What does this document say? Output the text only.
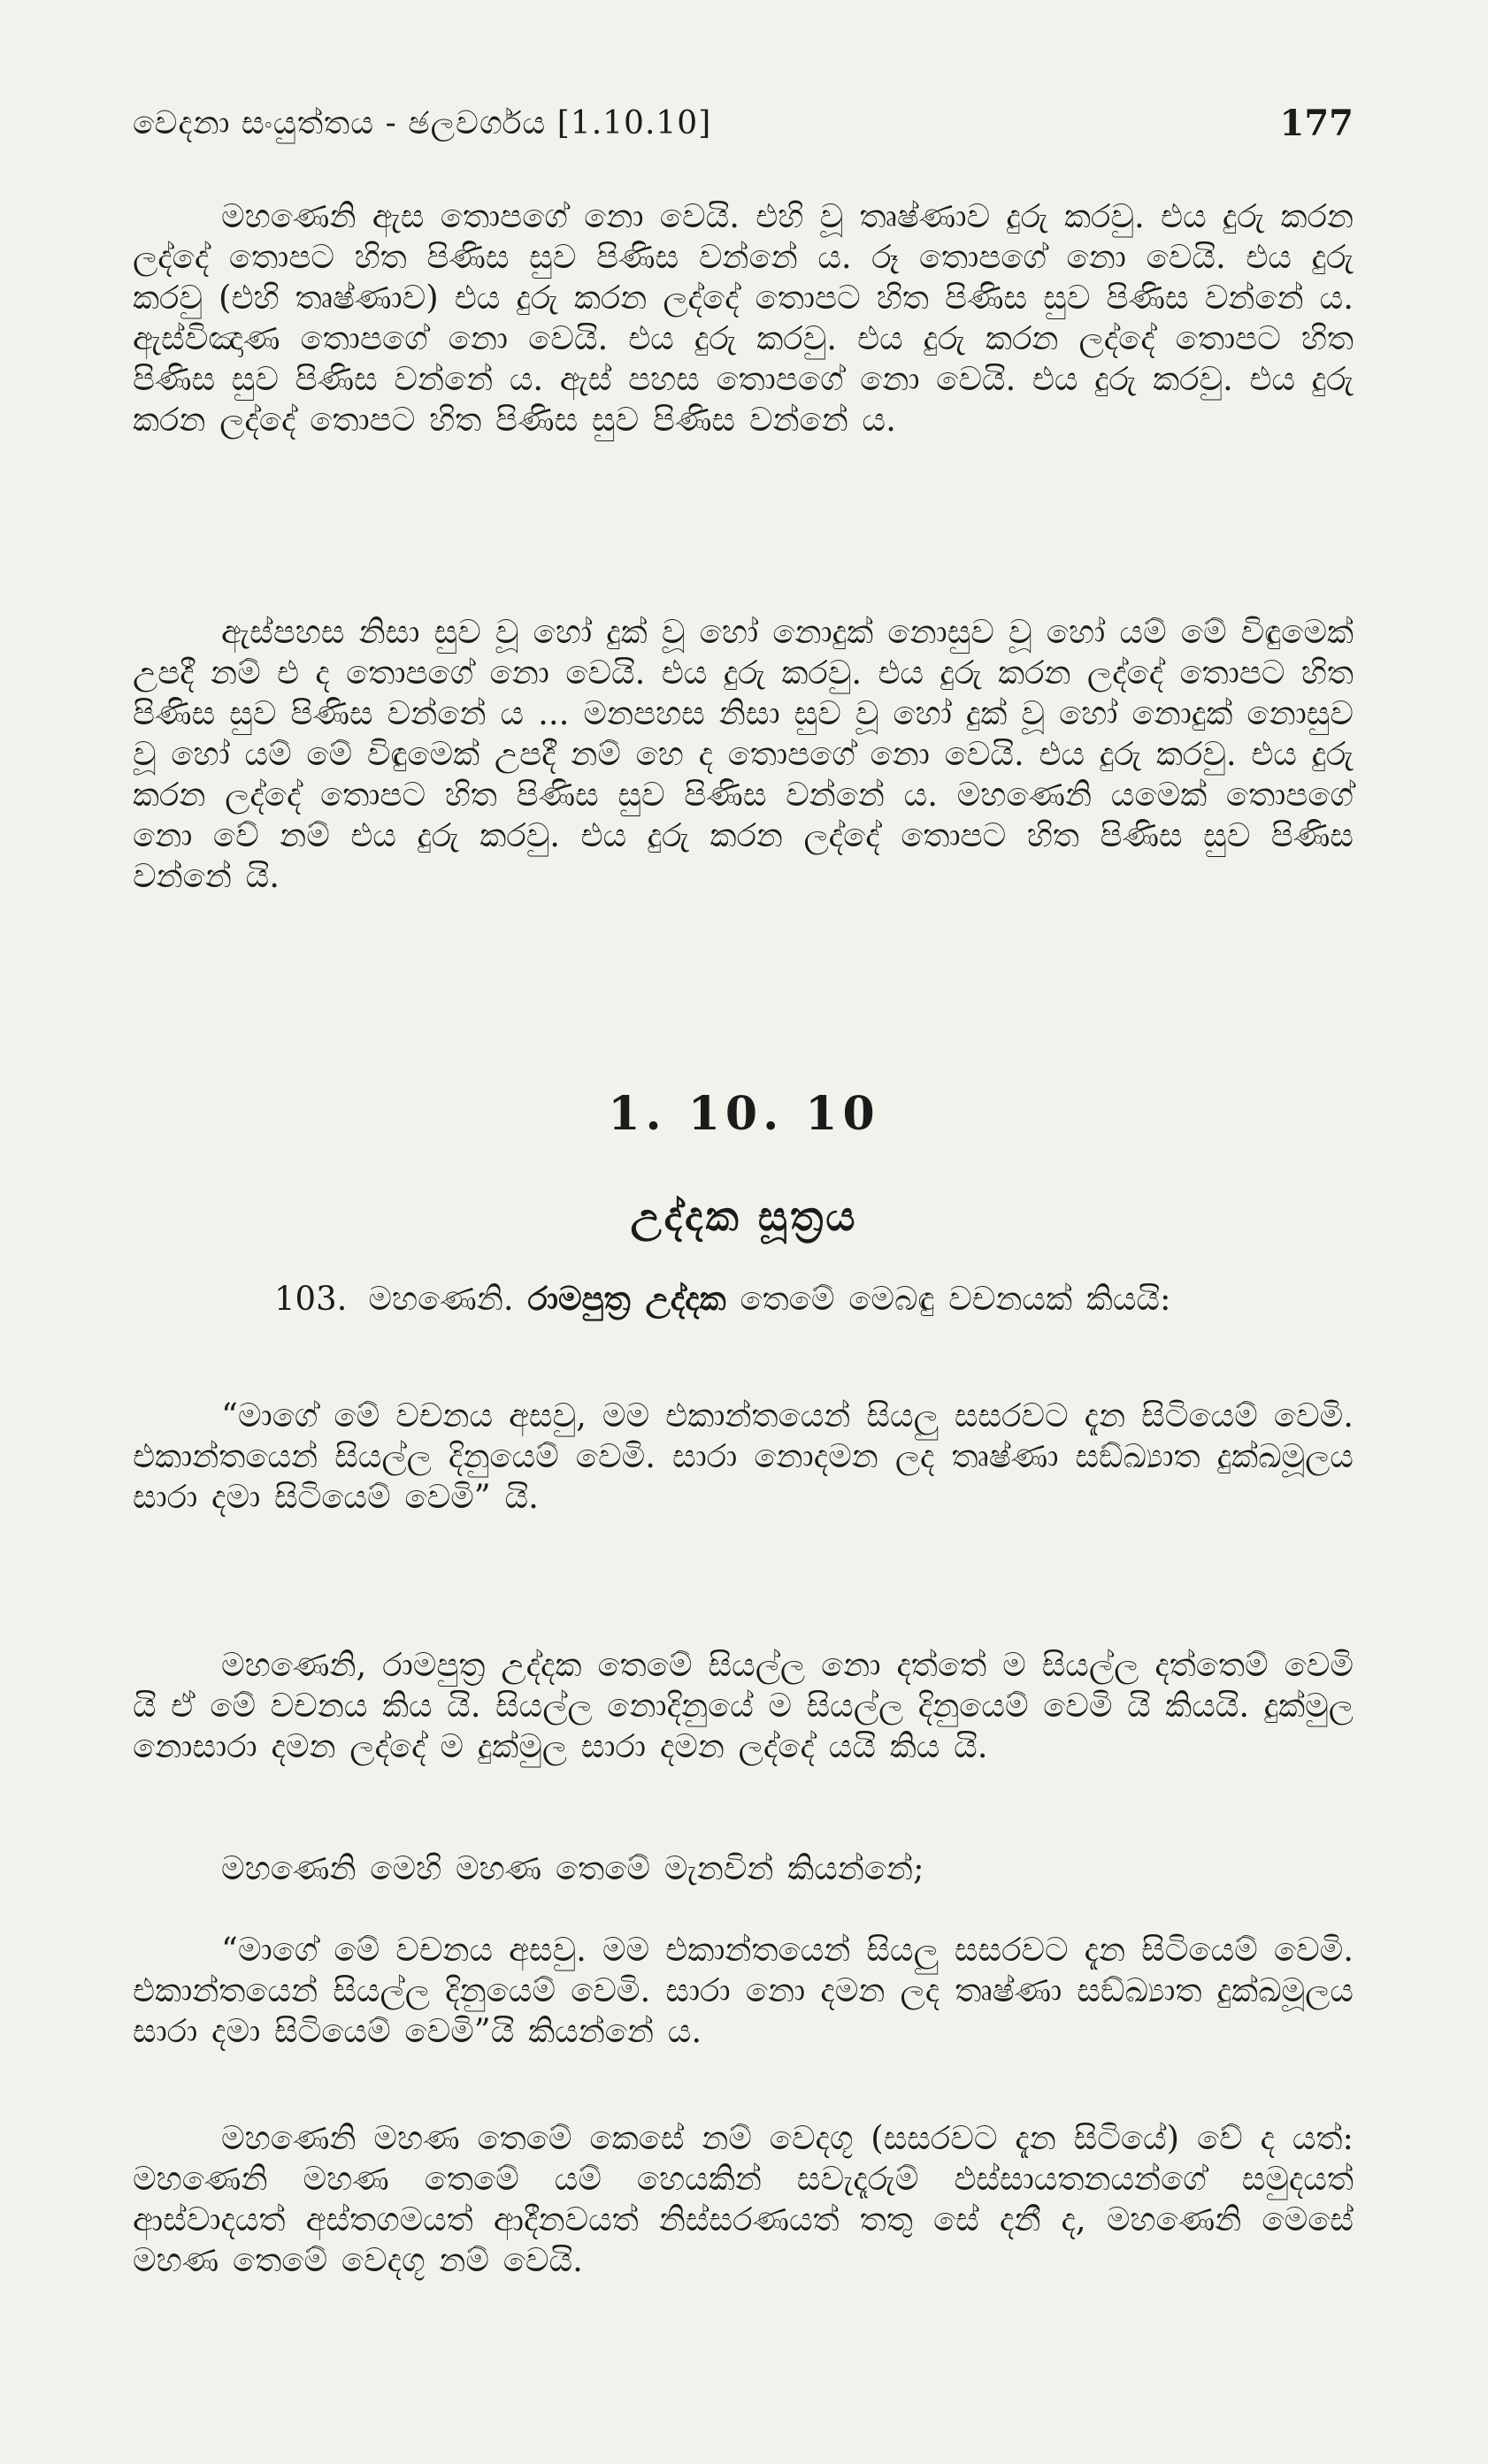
වෙදනා සංයුත්තය - ඡලවර්ගය [1.10.10]	177

මහණෙනි ඇස තොපගේ නො වෙයි. එහි වූ තෘෂ්ණාව දුරු කරවු. එය දුරු කරන ලද්දේ තොපට හිත පිණිස සුව පිණිස වන්නේ ය. රූ තොපගේ නො වෙයි. එය දුරු කරවු (එහි තෘෂ්ණාව) එය දුරු කරන ලද්දේ තොපට හිත පිණිස සුව පිණිස වන්නේ ය. ඇස්විඤාණ තොපගේ නො වෙයි. එය දුරු කරවු. එය දුරු කරන ලද්දේ තොපට හිත පිණිස සුව පිණිස වන්නේ ය. ඇස් පහස තොපගේ නො වෙයි. එය දුරු කරවු. එය දුරු කරන ලද්දේ තොපට හිත පිණිස සුව පිණිස වන්නේ ය.

ඇස්පහස නිසා සුව වූ හෝ දුක් වූ හෝ නොදුක් නොසුව වූ හෝ යම් මේ විඳුමෙක් උපදී නම් එ ද තොපගේ නො වෙයි. එය දුරු කරවු. එය දුරු කරන ලද්දේ තොපට හිත පිණිස සුව පිණිස වන්නේ ය ... මනපහස නිසා සුව වූ හෝ දුක් වූ හෝ නොදුක් නොසුව වූ හෝ යම් මේ විඳුමෙක් උපදී නම් හෙ ද තොපගේ නො වෙයි. එය දුරු කරවු. එය දුරු කරන ලද්දේ තොපට හිත පිණිස සුව පිණිස වන්නේ ය. මහණෙනි යමෙක් තොපගේ නො වේ නම් එය දුරු කරවු. එය දුරු කරන ලද්දේ තොපට හිත පිණිස සුව පිණිස වන්නේ යි.

1. 10. 10
උද්දක සූත්‍රය

103. මහණෙනි. රාමපුත්‍ර උද්දක තෙමේ මෙබඳු වචනයක් කියයි:

“මාගේ මේ වචනය අසවු, මම එකාන්තයෙන් සියලු සසරවට දැන සිටියෙම් වෙමි. එකාන්තයෙන් සියල්ල දිනුයෙම් වෙමි. සාරා නොදමන ලද තෘෂ්ණා සඞ්ඛ්‍යාත දුක්ඛමූලය සාරා දමා සිටියෙම් වෙමි” යි.

මහණෙනි, රාමපුත්‍ර උද්දක තෙමේ සියල්ල නො දත්තේ ම සියල්ල දත්තෙම් වෙමි යි ඒ මේ වචනය කිය යි. සියල්ල නොදිනුයේ ම සියල්ල දිනුයෙම් වෙමි යි කියයි. දුක්මුල නොසාරා දමන ලද්දේ ම දුක්මුල සාරා දමන ලද්දේ යයි කිය යි.

මහණෙනි මෙහි මහණ තෙමේ මැනවින් කියන්නේ;

“මාගේ මේ වචනය අසවු. මම එකාන්තයෙන් සියලු සසරවට දැන සිටියෙම් වෙමි. එකාන්තයෙන් සියල්ල දිනුයෙම් වෙමි. සාරා නො දමන ලද තෘෂ්ණා සඞ්ඛ්‍යාත දුක්ඛමූලය සාරා දමා සිටියෙම් වෙමි”යි කියන්නේ ය.

මහණෙනි මහණ තෙමේ කෙසේ නම් වෙදගූ (සසරවට දැන සිටියේ) වේ ද යත්: මහණෙනි මහණ තෙමේ යම් හෙයකින් සවැදෑරුම් ඵස්සායතනයන්ගේ සමුදයත් ආස්වාදයත් අස්තගමයත් ආදීනවයත් නිස්සරණයත් තතු සේ දනී ද, මහණෙනි මෙසේ මහණ තෙමේ වෙදගූ නම් වෙයි.
